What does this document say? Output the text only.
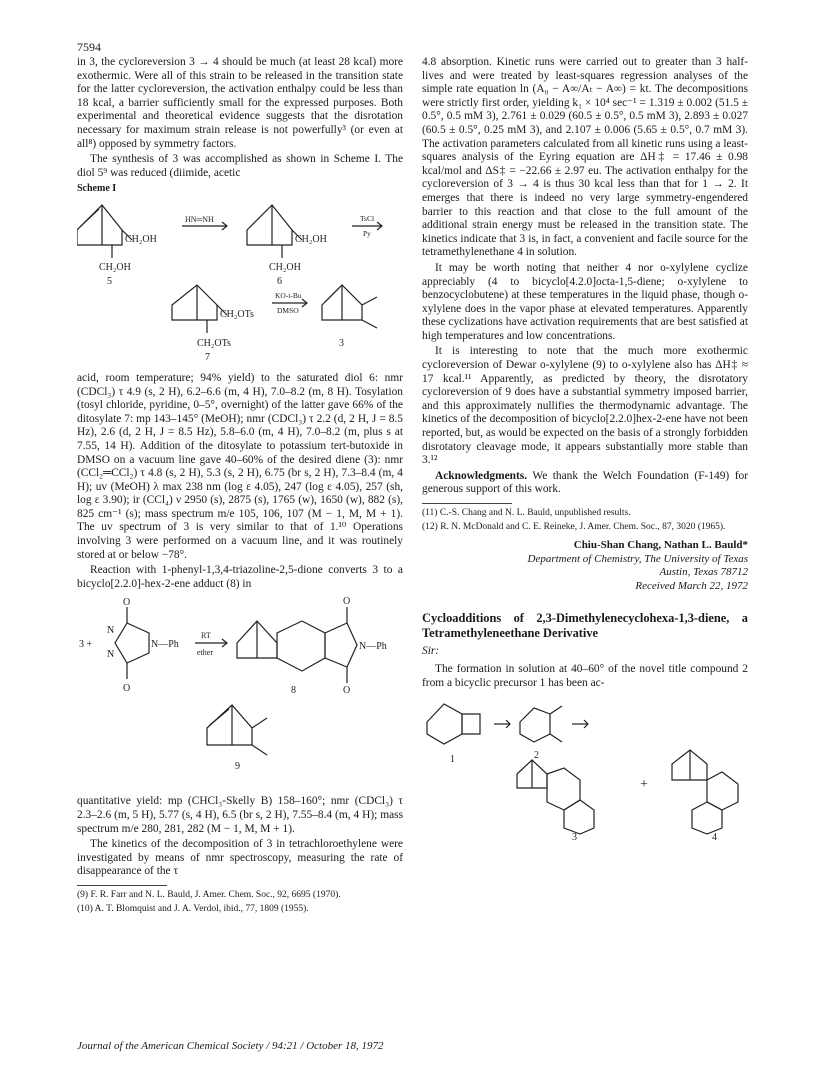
7594

in 3, the cycloreversion 3 → 4 should be much (at least 28 kcal) more exothermic. Were all of this strain to be released in the transition state for the latter cycloreversion, the activation enthalpy could be less than 18 kcal, a barrier sufficiently small for the expressed purposes. Both experimental and theoretical evidence suggests that the disrotation necessary for maximum strain release is not powerfully³ (or even at all⁸) opposed by symmetry factors.

The synthesis of 3 was accomplished as shown in Scheme I. The diol 5⁹ was reduced (diimide, acetic

Scheme I
CH₂OH
CH₂OH
5
HN═NH
CH₂OH
CH₂OH
6
TsCl
Py
CH₂OTs
CH₂OTs
7
KO-t-Bu
DMSO
3

acid, room temperature; 94% yield) to the saturated diol 6: nmr (CDCl₃) τ 4.9 (s, 2 H), 6.2–6.6 (m, 4 H), 7.0–8.2 (m, 8 H). Tosylation (tosyl chloride, pyridine, 0–5°, overnight) of the latter gave 66% of the ditosylate 7: mp 143–145° (MeOH); nmr (CDCl₃) τ 2.2 (d, 2 H, J = 8.5 Hz), 2.6 (d, 2 H, J = 8.5 Hz), 5.8–6.0 (m, 4 H), 7.0–8.2 (m, plus s at 7.55, 14 H). Addition of the ditosylate to potassium tert-butoxide in DMSO on a vacuum line gave 40–60% of the desired diene (3): nmr (CCl₂═CCl₂) τ 4.8 (s, 2 H), 5.3 (s, 2 H), 6.75 (br s, 2 H), 7.3–8.4 (m, 4 H); uv (MeOH) λ max 238 nm (log ε 4.05), 247 (log ε 4.05), 257 (sh, log ε 3.90); ir (CCl₄) ν 2950 (s), 2875 (s), 1765 (w), 1650 (w), 882 (s), 825 cm⁻¹ (s); mass spectrum m/e 105, 106, 107 (M − 1, M, M + 1). The uv spectrum of 3 is very similar to that of 1.¹⁰ Operations involving 3 were performed on a vacuum line, and it was routinely stored at or below −78°.

Reaction with 1-phenyl-1,3,4-triazoline-2,5-dione converts 3 to a bicyclo[2.2.0]-hex-2-ene adduct (8) in

3 +
O
N
N
N—Ph
O
RT
ether
O
N—Ph
O
8
9

quantitative yield: mp (CHCl₃-Skelly B) 158–160°; nmr (CDCl₃) τ 2.3–2.6 (m, 5 H), 5.77 (s, 4 H), 6.5 (br s, 2 H), 7.55–8.4 (m, 4 H); mass spectrum m/e 280, 281, 282 (M − 1, M, M + 1).

The kinetics of the decomposition of 3 in tetrachloroethylene were investigated by means of nmr spectroscopy, measuring the rate of disappearance of the τ

(9) F. R. Farr and N. L. Bauld, J. Amer. Chem. Soc., 92, 6695 (1970).

(10) A. T. Blomquist and J. A. Verdol, ibid., 77, 1809 (1955).

4.8 absorption. Kinetic runs were carried out to greater than 3 half-lives and were treated by least-squares regression analyses of the simple rate equation ln (A₀ − A∞/Aₜ − A∞) = kt. The decompositions were strictly first order, yielding k₁ × 10⁴ sec⁻¹ = 1.319 ± 0.002 (51.5 ± 0.5°, 0.5 mM 3), 2.761 ± 0.029 (60.5 ± 0.5°, 0.5 mM 3), 2.893 ± 0.027 (60.5 ± 0.5°, 0.25 mM 3), and 2.107 ± 0.006 (5.65 ± 0.5°, 0.7 mM 3). The activation parameters calculated from all kinetic runs using a least-squares analysis of the Eyring equation are ΔH‡ = 17.46 ± 0.98 kcal/mol and ΔS‡ = −22.66 ± 2.97 eu. The activation enthalpy for the cycloreversion of 3 → 4 is thus 30 kcal less than that for 1 → 2. It emerges that there is indeed no very large symmetry-engendered barrier to this reaction and that close to the full amount of the additional strain energy must be released in the transition state. The kinetics indicate that 3 is, in fact, a convenient and facile source for the tetramethylenethane 4 in solution.

It may be worth noting that neither 4 nor o-xylylene cyclize appreciably (4 to bicyclo[4.2.0]octa-1,5-diene; o-xylylene to benzocyclobutene) at these temperatures in the liquid phase, though o-xylylene does in the vapor phase at elevated temperatures. Apparently these cyclizations have activation requirements that are best satisfied at high temperatures and low concentrations.

It is interesting to note that the much more exothermic cycloreversion of Dewar o-xylylene (9) to o-xylylene also has ΔH‡ ≈ 17 kcal.¹¹ Apparently, as predicted by theory, the disrotatory cycloreversion of 9 does have a substantial symmetry imposed barrier, and this approximately nullifies the thermodynamic advantage. The kinetics of the decomposition of bicyclo[2.2.0]hex-2-ene have not been reported, but, as would be expected on the basis of a strongly forbidden disrotatory cleavage mode, it appears substantially more stable than 3.¹²

Acknowledgments. We thank the Welch Foundation (F-149) for generous support of this work.

(11) C.-S. Chang and N. L. Bauld, unpublished results.

(12) R. N. McDonald and C. E. Reineke, J. Amer. Chem. Soc., 87, 3020 (1965).

Chiu-Shan Chang, Nathan L. Bauld*
Department of Chemistry, The University of Texas
Austin, Texas 78712
Received March 22, 1972
Cycloadditions of 2,3-Dimethylenecyclohexa-1,3-diene, a Tetramethyleneethane Derivative
Sir:

The formation in solution at 40–60° of the novel title compound 2 from a bicyclic precursor 1 has been ac-

1	2
+
3	4
Journal of the American Chemical Society / 94:21 / October 18, 1972
